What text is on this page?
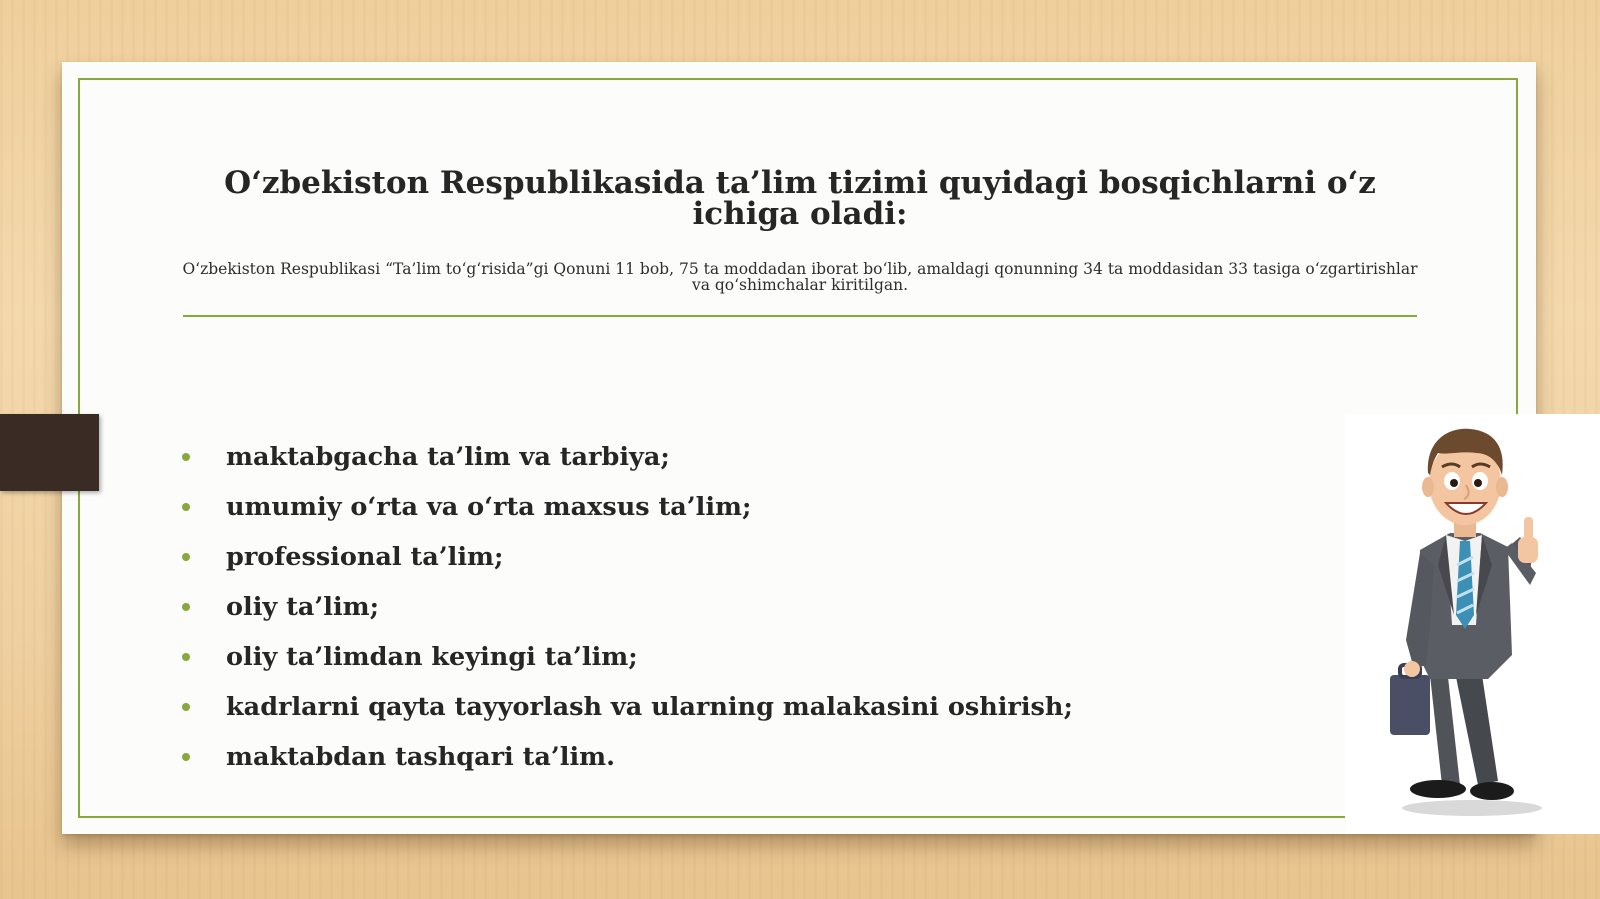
O‘zbekiston Respublikasida ta’lim tizimi quyidagi bosqichlarni o‘z ichiga oladi:

O‘zbekiston Respublikasi “Ta’lim to‘g‘risida”gi Qonuni 11 bob, 75 ta moddadan iborat bo‘lib, amaldagi qonunning 34 ta moddasidan 33 tasiga o‘zgartirishlar va qo‘shimchalar kiritilgan.

maktabgacha ta’lim va tarbiya;
umumiy o‘rta va o‘rta maxsus ta’lim;
professional ta’lim;
oliy ta’lim;
oliy ta’limdan keyingi ta’lim;
kadrlarni qayta tayyorlash va ularning malakasini oshirish;
maktabdan tashqari ta’lim.
